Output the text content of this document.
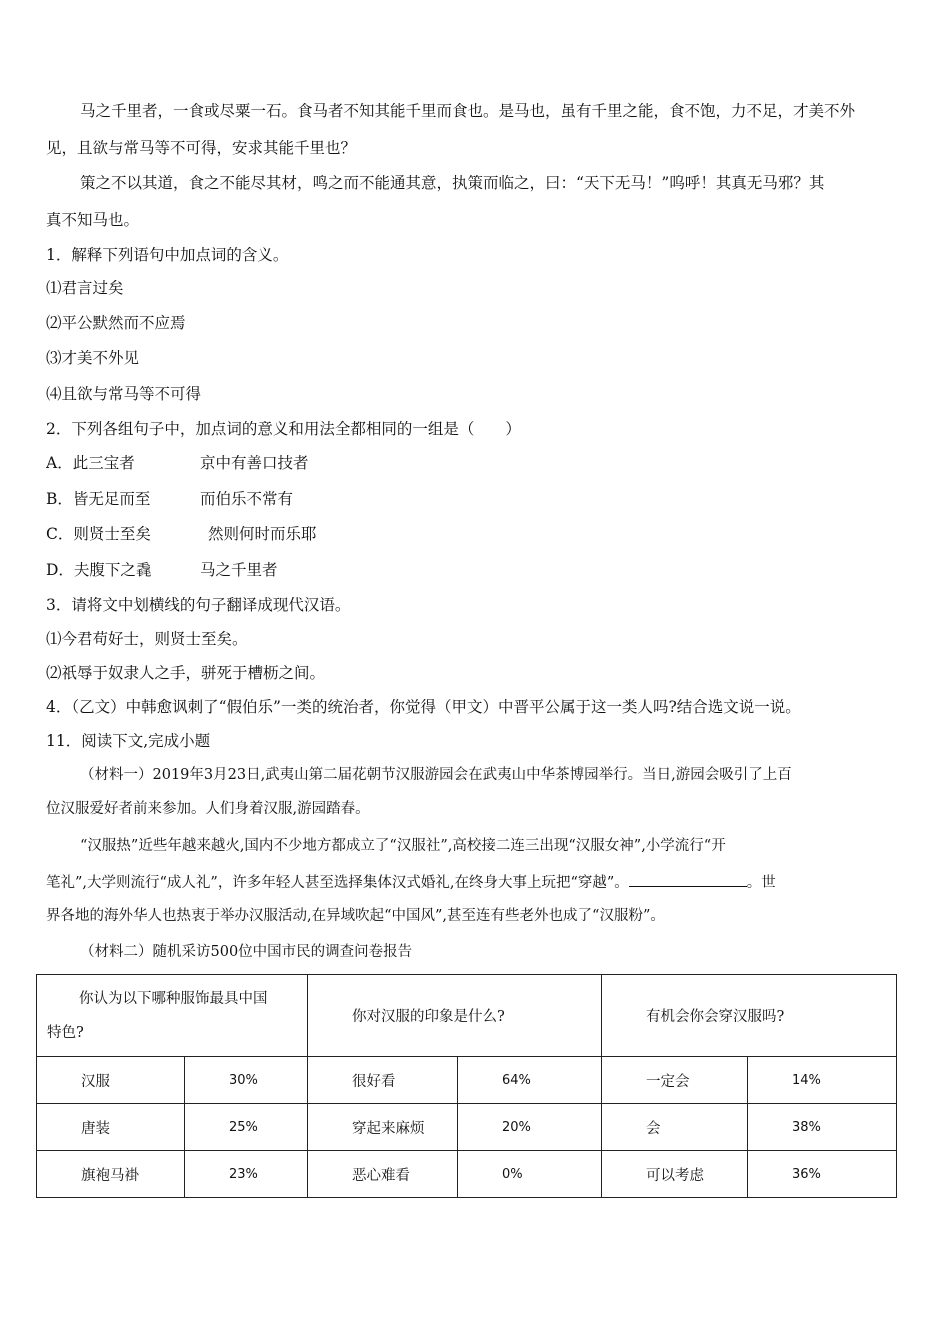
马之千里者，一食或尽粟一石。食马者不知其能千里而食也。是马也，虽有千里之能，食不饱，力不足，才美不外
见，且欲与常马等不可得，安求其能千里也？
策之不以其道，食之不能尽其材，鸣之而不能通其意，执策而临之，曰：“天下无马！”呜呼！其真无马邪？其
真不知马也。
1．解释下列语句中加点词的含义。
⑴君言过矣
⑵平公默然而不应焉
⑶才美不外见
⑷且欲与常马等不可得
2．下列各组句子中，加点词的意义和用法全都相同的一组是（　　）
A．此三宝者	京中有善口技者
B．皆无足而至	而伯乐不常有
C．则贤士至矣	然则何时而乐耶
D．夫腹下之毳	马之千里者
3．请将文中划横线的句子翻译成现代汉语。
⑴今君苟好士，则贤士至矣。
⑵祇辱于奴隶人之手，骈死于槽枥之间。
4．（乙文）中韩愈讽刺了“假伯乐”一类的统治者，你觉得（甲文）中晋平公属于这一类人吗?结合选文说一说。
11．阅读下文,完成小题
（材料一）2019年3月23日,武夷山第二届花朝节汉服游园会在武夷山中华茶博园举行。当日,游园会吸引了上百
位汉服爱好者前来参加。人们身着汉服,游园踏春。
“汉服热”近些年越来越火,国内不少地方都成立了“汉服社”,高校接二连三出现“汉服女神”,小学流行“开
笔礼”,大学则流行“成人礼”，许多年轻人甚至选择集体汉式婚礼,在终身大事上玩把“穿越”。	。世
界各地的海外华人也热衷于举办汉服活动,在异域吹起“中国风”,甚至连有些老外也成了“汉服粉”。
（材料二）随机采访500位中国市民的调查问卷报告
你认为以下哪种服饰最具中国
特色?		你对汉服的印象是什么?		有机会你会穿汉服吗?	
汉服	30%	很好看	64%	一定会	14%
唐装	25%	穿起来麻烦	20%	会	38%
旗袍马褂	23%	恶心难看	0%	可以考虑	36%
